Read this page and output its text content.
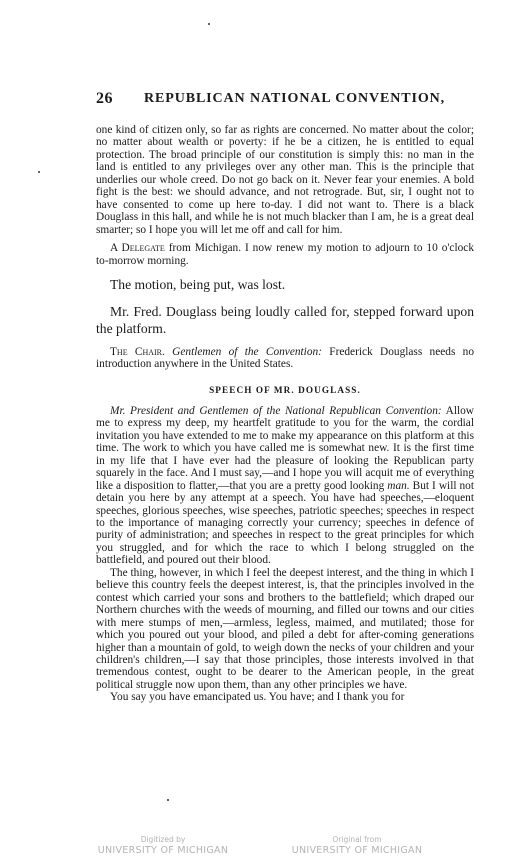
26 REPUBLICAN NATIONAL CONVENTION,

one kind of citizen only, so far as rights are concerned. No matter about the color; no matter about wealth or poverty: if he be a citizen, he is entitled to equal protection. The broad principle of our constitution is simply this: no man in the land is entitled to any privileges over any other man. This is the principle that underlies our whole creed. Do not go back on it. Never fear your enemies. A bold fight is the best: we should advance, and not retrograde. But, sir, I ought not to have consented to come up here to-day. I did not want to. There is a black Douglass in this hall, and while he is not much blacker than I am, he is a great deal smarter; so I hope you will let me off and call for him.

A Delegate from Michigan. I now renew my motion to adjourn to 10 o'clock to-morrow morning.

The motion, being put, was lost.

Mr. Fred. Douglass being loudly called for, stepped forward upon the platform.

The Chair. Gentlemen of the Convention: Frederick Douglass needs no introduction anywhere in the United States.

SPEECH OF MR. DOUGLASS.

Mr. President and Gentlemen of the National Republican Convention: Allow me to express my deep, my heartfelt gratitude to you for the warm, the cordial invitation you have extended to me to make my appearance on this platform at this time. The work to which you have called me is somewhat new. It is the first time in my life that I have ever had the pleasure of looking the Republican party squarely in the face. And I must say,—and I hope you will acquit me of everything like a disposition to flatter,—that you are a pretty good looking man. But I will not detain you here by any attempt at a speech. You have had speeches,—eloquent speeches, glorious speeches, wise speeches, patriotic speeches; speeches in respect to the importance of managing correctly your currency; speeches in defence of purity of administration; and speeches in respect to the great principles for which you struggled, and for which the race to which I belong struggled on the battlefield, and poured out their blood.

The thing, however, in which I feel the deepest interest, and the thing in which I believe this country feels the deepest interest, is, that the principles involved in the contest which carried your sons and brothers to the battlefield; which draped our Northern churches with the weeds of mourning, and filled our towns and our cities with mere stumps of men,—armless, legless, maimed, and mutilated; those for which you poured out your blood, and piled a debt for after-coming generations higher than a mountain of gold, to weigh down the necks of your children and your children's children,—I say that those principles, those interests involved in that tremendous contest, ought to be dearer to the American people, in the great political struggle now upon them, than any other principles we have.

You say you have emancipated us. You have; and I thank you for

Digitized by
UNIVERSITY OF MICHIGAN
Original from
UNIVERSITY OF MICHIGAN
